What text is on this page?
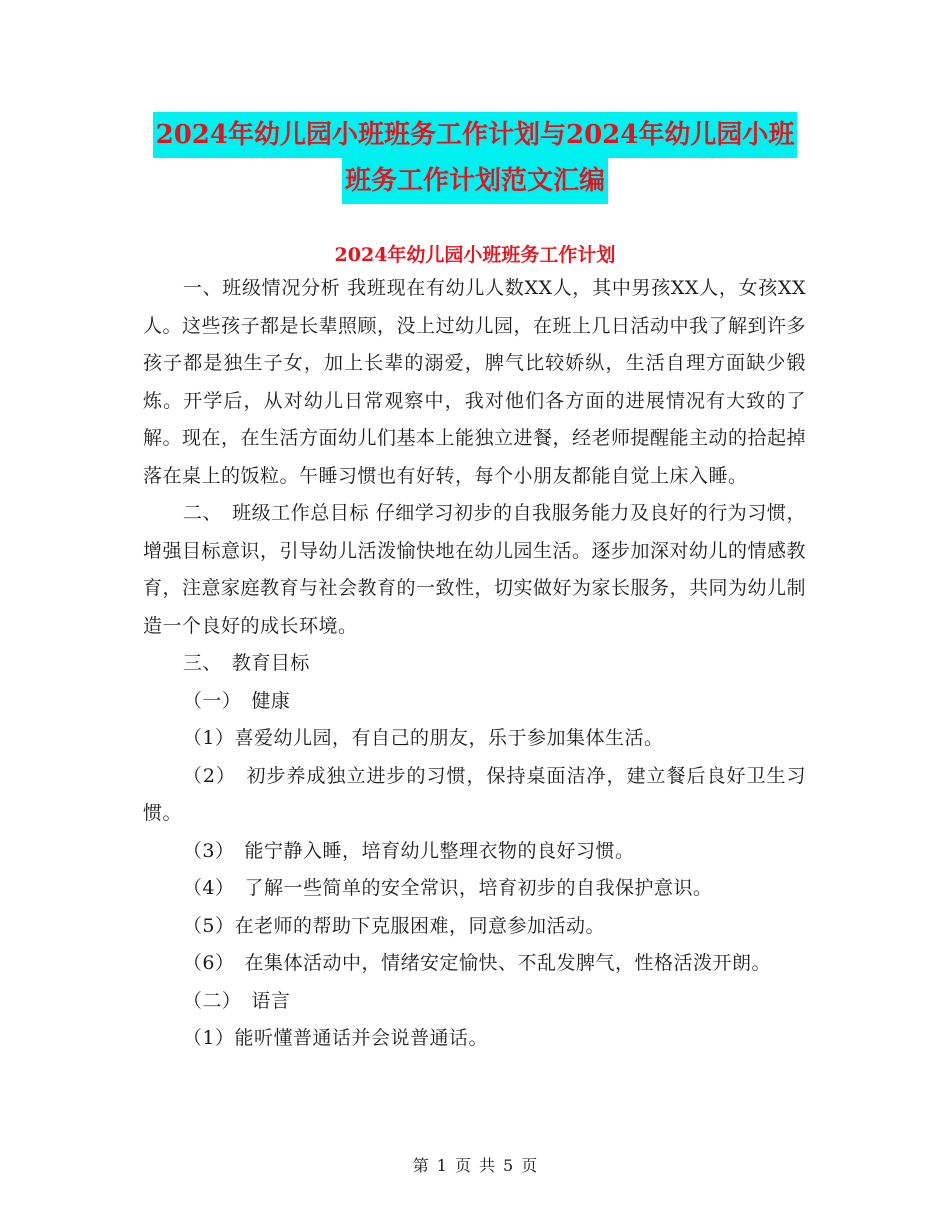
2024年幼儿园小班班务工作计划与2024年幼儿园小班
班务工作计划范文汇编
2024年幼儿园小班班务工作计划

一、班级情况分析 我班现在有幼儿人数XX人，其中男孩XX人，女孩XX人。这些孩子都是长辈照顾，没上过幼儿园，在班上几日活动中我了解到许多孩子都是独生子女，加上长辈的溺爱，脾气比较娇纵，生活自理方面缺少锻炼。开学后，从对幼儿日常观察中，我对他们各方面的进展情况有大致的了解。现在，在生活方面幼儿们基本上能独立进餐，经老师提醒能主动的拾起掉落在桌上的饭粒。午睡习惯也有好转，每个小朋友都能自觉上床入睡。

二、　班级工作总目标 仔细学习初步的自我服务能力及良好的行为习惯，增强目标意识，引导幼儿活泼愉快地在幼儿园生活。逐步加深对幼儿的情感教育，注意家庭教育与社会教育的一致性，切实做好为家长服务，共同为幼儿制造一个良好的成长环境。

三、　教育目标

（一）　健康

（1）喜爱幼儿园，有自己的朋友，乐于参加集体生活。

（2）　初步养成独立进步的习惯，保持桌面洁净，建立餐后良好卫生习惯。

（3）　能宁静入睡，培育幼儿整理衣物的良好习惯。

（4）　了解一些简单的安全常识，培育初步的自我保护意识。

（5）在老师的帮助下克服困难，同意参加活动。

（6）　在集体活动中，情绪安定愉快、不乱发脾气，性格活泼开朗。

（二）　语言

（1）能听懂普通话并会说普通话。

第 1 页 共 5 页
